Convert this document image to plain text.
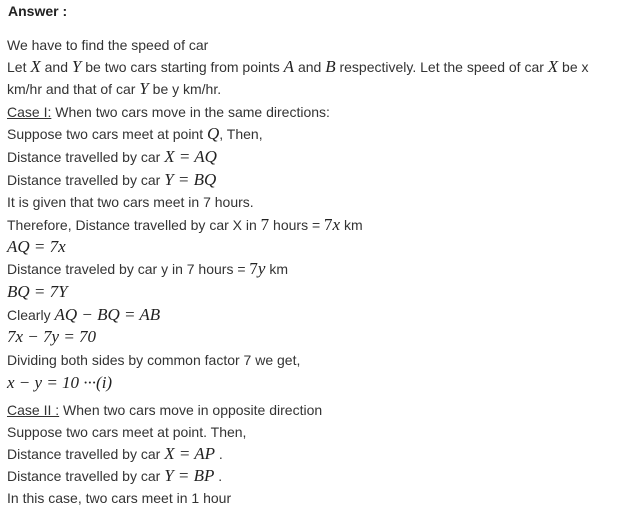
Answer :
We have to find the speed of car
Let X and Y be two cars starting from points A and B respectively. Let the speed of car X be x
km/hr and that of car Y be y km/hr.
Case I: When two cars move in the same directions:
Suppose two cars meet at point Q, Then,
Distance travelled by car X = AQ
Distance travelled by car Y = BQ
It is given that two cars meet in 7 hours.
Therefore, Distance travelled by car X in 7 hours = 7x km
AQ = 7x
Distance traveled by car y in 7 hours = 7y km
BQ = 7Y
Clearly AQ − BQ = AB
7x − 7y = 70
Dividing both sides by common factor 7 we get,
x − y = 10 ···(i)
Case II : When two cars move in opposite direction
Suppose two cars meet at point. Then,
Distance travelled by car X = AP .
Distance travelled by car Y = BP .
In this case, two cars meet in 1 hour
